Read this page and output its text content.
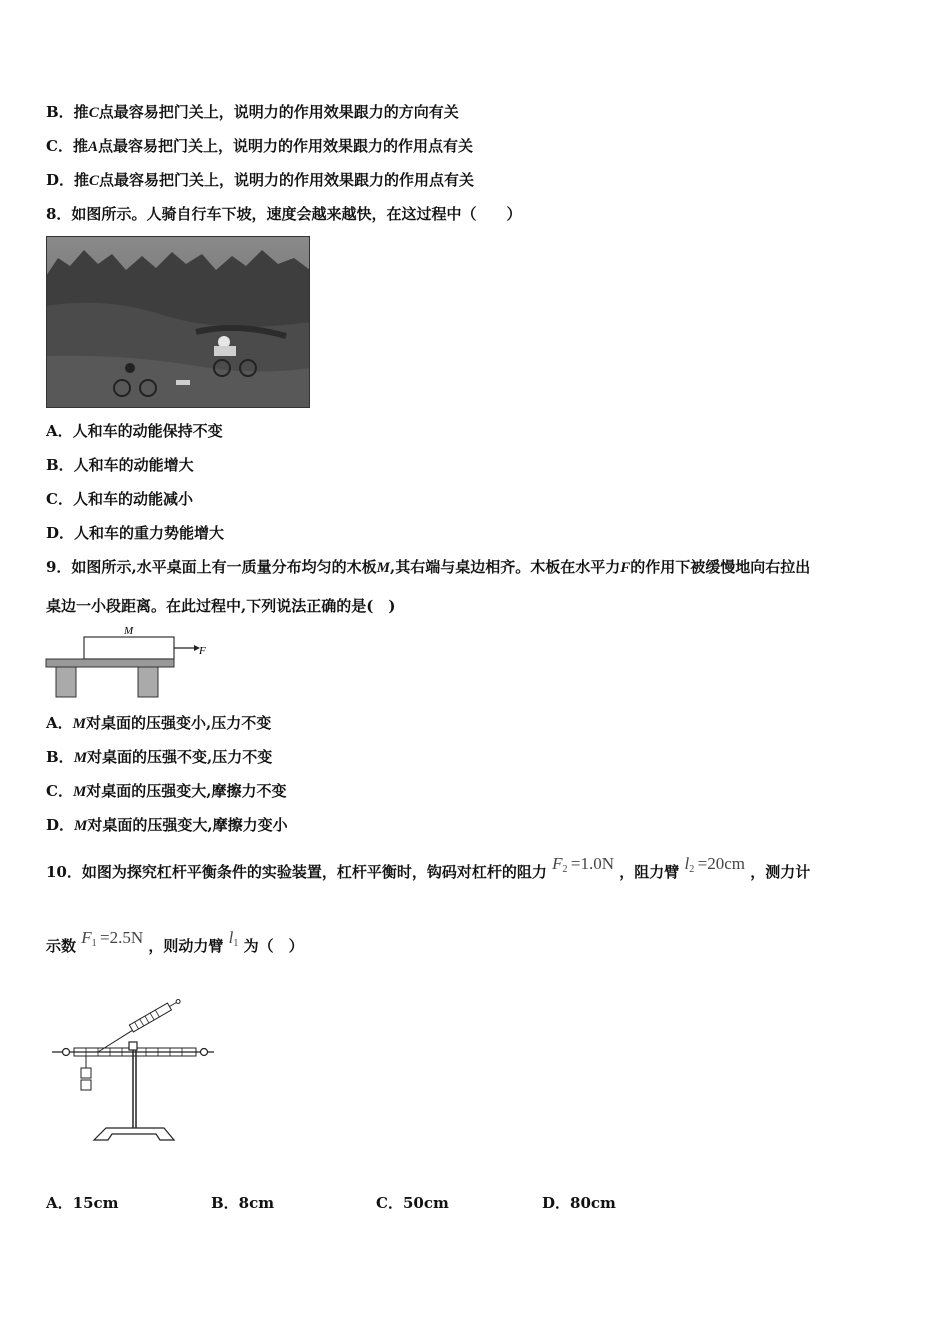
B．推C点最容易把门关上，说明力的作用效果跟力的方向有关
C．推A点最容易把门关上，说明力的作用效果跟力的作用点有关
D．推C点最容易把门关上，说明力的作用效果跟力的作用点有关
8．如图所示。人骑自行车下坡，速度会越来越快，在这过程中（　　）
A．人和车的动能保持不变
B．人和车的动能增大
C．人和车的动能减小
D．人和车的重力势能增大
9．如图所示,水平桌面上有一质量分布均匀的木板M,其右端与桌边相齐。木板在水平力F的作用下被缓慢地向右拉出
桌边一小段距离。在此过程中,下列说法正确的是(　)
M
F
A．M对桌面的压强变小,压力不变
B．M对桌面的压强不变,压力不变
C．M对桌面的压强变大,摩擦力不变
D．M对桌面的压强变大,摩擦力变小
10．如图为探究杠杆平衡条件的实验装置，杠杆平衡时，钩码对杠杆的阻力 $F_2 =1.0N$ ，阻力臂 $l_2 =20cm$ ，测力计
示数 $F_1 =2.5N$ ，则动力臂 $l_1$ 为（　）
A．15cm	B．8cm	C．50cm	D．80cm
